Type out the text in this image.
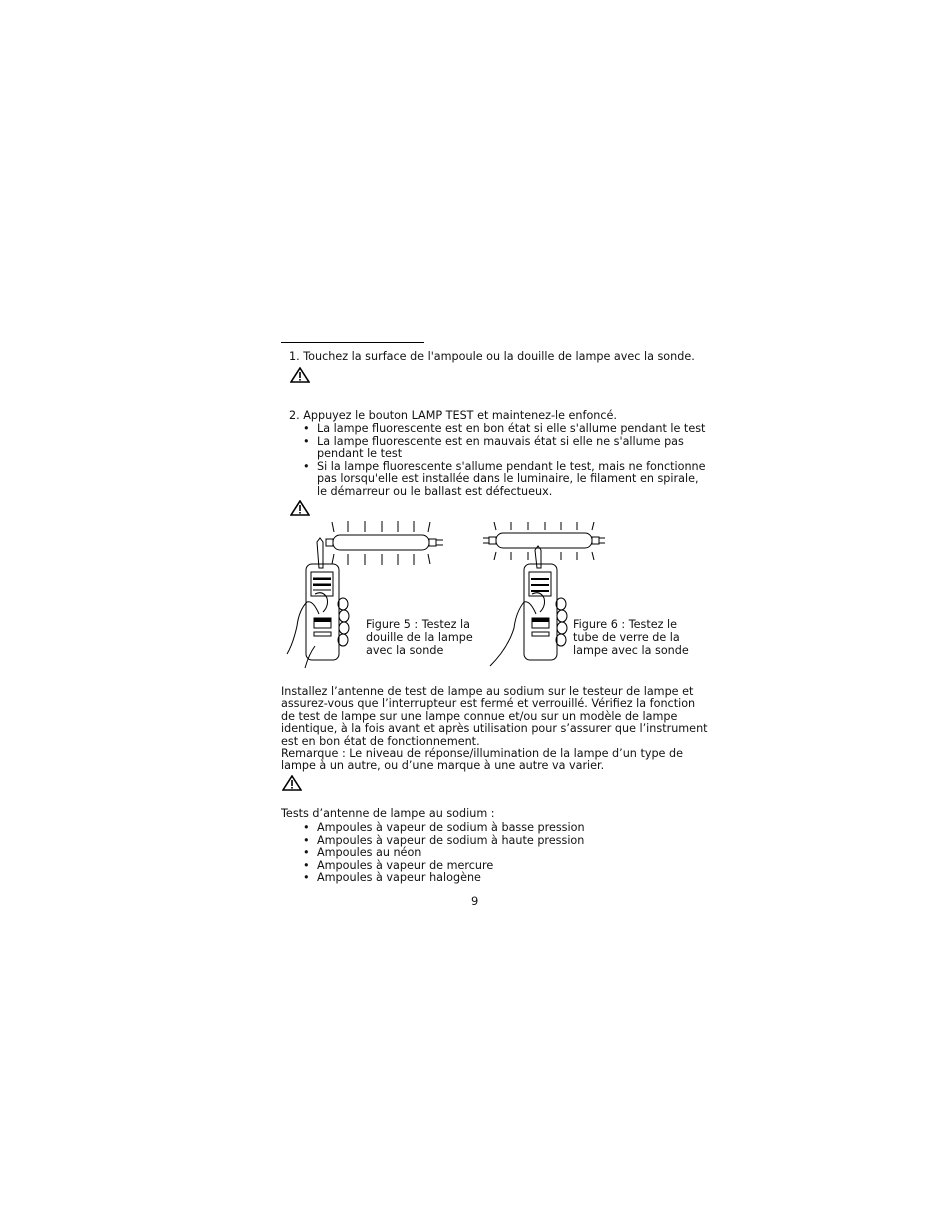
1. Touchez la surface de l'ampoule ou la douille de lampe avec la sonde.
2. Appuyez le bouton LAMP TEST et maintenez-le enfoncé.
• La lampe fluorescente est en bon état si elle s'allume pendant le test
• La lampe fluorescente est en mauvais état si elle ne s'allume pas
pendant le test
• Si la lampe fluorescente s'allume pendant le test, mais ne fonctionne
pas lorsqu'elle est installée dans le luminaire, le filament en spirale,
le démarreur ou le ballast est défectueux.
Figure 5 : Testez la
douille de la lampe
avec la sonde
Figure 6 : Testez le
tube de verre de la
lampe avec la sonde
Installez l’antenne de test de lampe au sodium sur le testeur de lampe et
assurez-vous que l’interrupteur est fermé et verrouillé. Vérifiez la fonction
de test de lampe sur une lampe connue et/ou sur un modèle de lampe
identique, à la fois avant et après utilisation pour s’assurer que l’instrument
est en bon état de fonctionnement.
Remarque : Le niveau de réponse/illumination de la lampe d’un type de
lampe à un autre, ou d’une marque à une autre va varier.
Tests d’antenne de lampe au sodium :
• Ampoules à vapeur de sodium à basse pression
• Ampoules à vapeur de sodium à haute pression
• Ampoules au néon
• Ampoules à vapeur de mercure
• Ampoules à vapeur halogène
9
